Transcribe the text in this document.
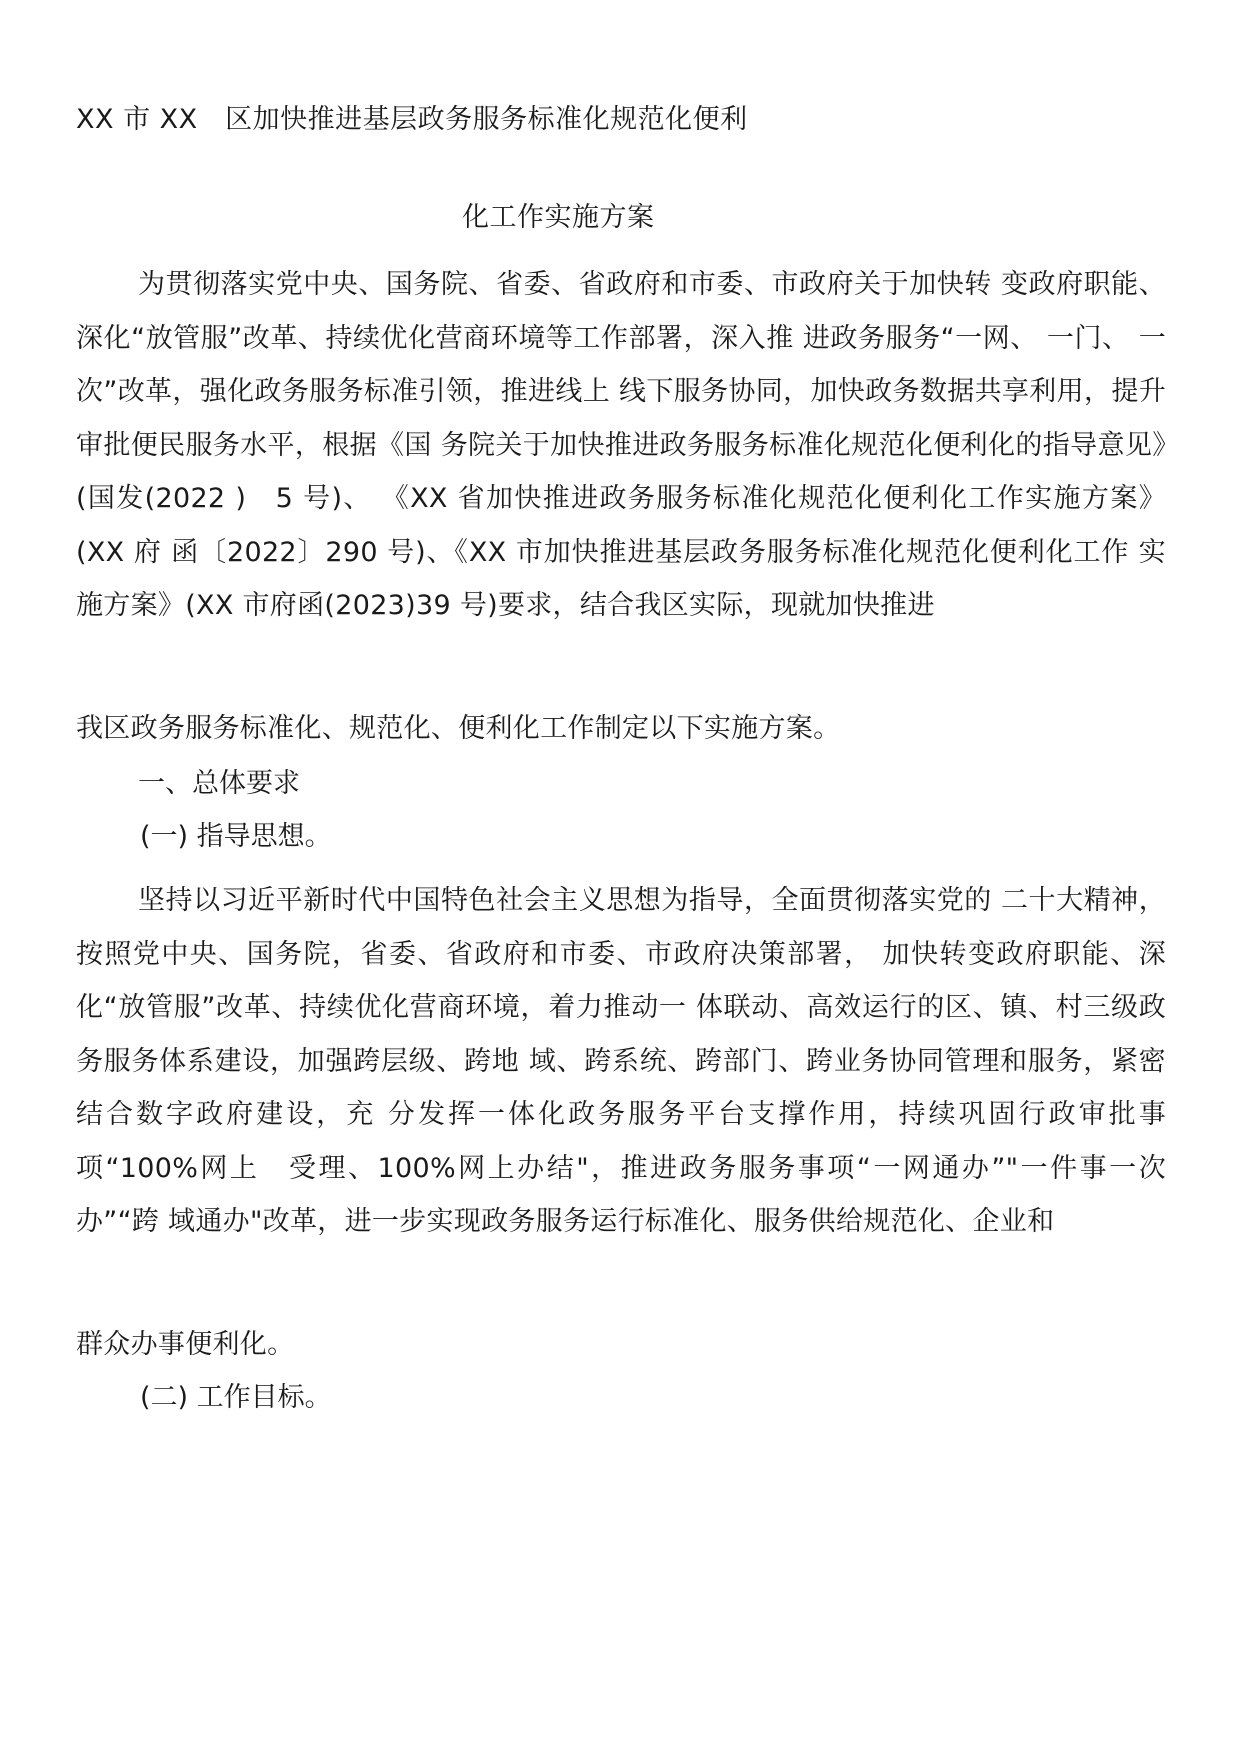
XX 市 XX　区加快推进基层政务服务标准化规范化便利
化工作实施方案

为贯彻落实党中央、国务院、省委、省政府和市委、市政府关于加快转 变政府职能、深化“放管服”改革、持续优化营商环境等工作部署，深入推 进政务服务“一网、 一门、 一次”改革，强化政务服务标准引领，推进线上 线下服务协同，加快政务数据共享利用，提升审批便民服务水平，根据《国 务院关于加快推进政务服务标准化规范化便利化的指导意见》(国发(2022 )　5 号)、 《XX 省加快推进政务服务标准化规范化便利化工作实施方案》(XX 府 函〔2022〕290 号)、《XX 市加快推进基层政务服务标准化规范化便利化工作 实施方案》(XX 市府函(2023)39 号)要求，结合我区实际，现就加快推进

我区政务服务标准化、规范化、便利化工作制定以下实施方案。

一、总体要求

(一) 指导思想。

坚持以习近平新时代中国特色社会主义思想为指导，全面贯彻落实党的 二十大精神，按照党中央、国务院，省委、省政府和市委、市政府决策部署， 加快转变政府职能、深化“放管服”改革、持续优化营商环境，着力推动一 体联动、高效运行的区、镇、村三级政务服务体系建设，加强跨层级、跨地 域、跨系统、跨部门、跨业务协同管理和服务，紧密结合数字政府建设，充 分发挥一体化政务服务平台支撑作用，持续巩固行政审批事项“100%网上　受理、100%网上办结"，推进政务服务事项“一网通办”"一件事一次办”“跨 域通办"改革，进一步实现政务服务运行标准化、服务供给规范化、企业和

群众办事便利化。

(二) 工作目标。
